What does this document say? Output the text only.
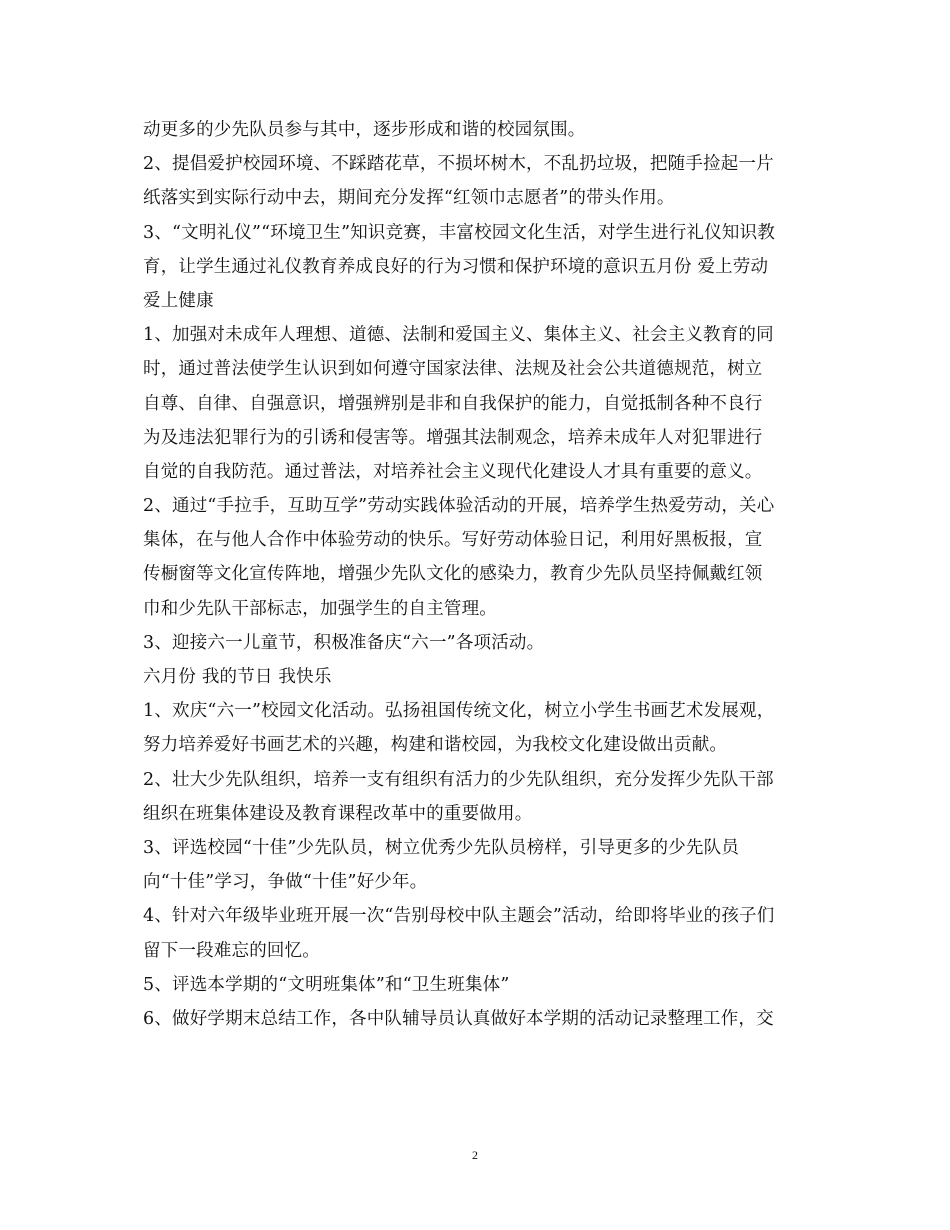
动更多的少先队员参与其中，逐步形成和谐的校园氛围。
2、提倡爱护校园环境、不踩踏花草，不损坏树木，不乱扔垃圾，把随手捡起一片
纸落实到实际行动中去，期间充分发挥“红领巾志愿者”的带头作用。
3、“文明礼仪”“环境卫生”知识竞赛，丰富校园文化生活，对学生进行礼仪知识教
育，让学生通过礼仪教育养成良好的行为习惯和保护环境的意识五月份 爱上劳动
爱上健康
1、加强对未成年人理想、道德、法制和爱国主义、集体主义、社会主义教育的同
时，通过普法使学生认识到如何遵守国家法律、法规及社会公共道德规范，树立
自尊、自律、自强意识，增强辨别是非和自我保护的能力，自觉抵制各种不良行
为及违法犯罪行为的引诱和侵害等。增强其法制观念，培养未成年人对犯罪进行
自觉的自我防范。通过普法，对培养社会主义现代化建设人才具有重要的意义。
2、通过“手拉手，互助互学”劳动实践体验活动的开展，培养学生热爱劳动，关心
集体，在与他人合作中体验劳动的快乐。写好劳动体验日记，利用好黑板报，宣
传橱窗等文化宣传阵地，增强少先队文化的感染力，教育少先队员坚持佩戴红领
巾和少先队干部标志，加强学生的自主管理。
3、迎接六一儿童节，积极准备庆“六一”各项活动。
六月份 我的节日 我快乐
1、欢庆“六一”校园文化活动。弘扬祖国传统文化，树立小学生书画艺术发展观，
努力培养爱好书画艺术的兴趣，构建和谐校园，为我校文化建设做出贡献。
2、壮大少先队组织，培养一支有组织有活力的少先队组织，充分发挥少先队干部
组织在班集体建设及教育课程改革中的重要做用。
3、评选校园“十佳”少先队员，树立优秀少先队员榜样，引导更多的少先队员
向“十佳”学习，争做“十佳”好少年。
4、针对六年级毕业班开展一次“告别母校中队主题会”活动，给即将毕业的孩子们
留下一段难忘的回忆。
5、评选本学期的“文明班集体”和“卫生班集体”
6、做好学期末总结工作，各中队辅导员认真做好本学期的活动记录整理工作，交
2
